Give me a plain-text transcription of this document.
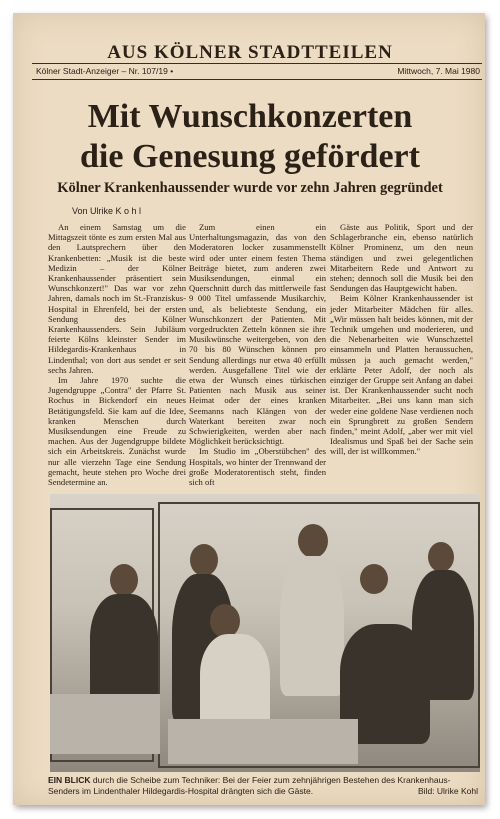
AUS KÖLNER STADTTEILEN
Kölner Stadt-Anzeiger – Nr. 107/19 •	Mittwoch, 7. Mai 1980
Mit Wunschkonzerten
die Genesung gefördert
Kölner Krankenhaussender wurde vor zehn Jahren gegründet
Von Ulrike K o h l

An einem Samstag um die Mittagszeit tönte es zum ersten Mal aus den Lautsprechern über den Krankenbetten: „Musik ist die beste Medizin – der Kölner Krankenhaussender präsentiert sein Wunschkonzert!" Das war vor zehn Jahren, damals noch im St.-Franziskus-Hospital in Ehrenfeld, bei der ersten Sendung des Kölner Krankenhaussenders. Sein Jubiläum feierte Kölns kleinster Sender im Hildegardis-Krankenhaus in Lindenthal; von dort aus sendet er seit sechs Jahren.

Im Jahre 1970 suchte die Jugendgruppe „Contra" der Pfarre St. Rochus in Bickendorf ein neues Betätigungsfeld. Sie kam auf die Idee, kranken Menschen durch Musiksendungen eine Freude zu machen. Aus der Jugendgruppe bildete sich ein Arbeitskreis. Zunächst wurde nur alle vierzehn Tage eine Sendung gemacht, heute stehen pro Woche drei Sendetermine an.

Zum einen ein Unterhaltungsmagazin, das von den Moderatoren locker zusammenstellt wird oder unter einem festen Thema Beiträge bietet, zum anderen zwei Musiksendungen, einmal ein Querschnitt durch das mittlerweile fast 9 000 Titel umfassende Musikarchiv, und, als beliebteste Sendung, ein Wunschkonzert der Patienten. Mit vorgedruckten Zetteln können sie ihre Musikwünsche weitergeben, von den 70 bis 80 Wünschen können pro Sendung allerdings nur etwa 40 erfüllt werden. Ausgefallene Titel wie der etwa der Wunsch eines türkischen Patienten nach Musik aus seiner Heimat oder der eines kranken Seemanns nach Klängen von der Waterkant bereiten zwar noch Schwierigkeiten, werden aber nach Möglichkeit berücksichtigt.

Im Studio im „Oberstübchen" des Hospitals, wo hinter der Trennwand der große Moderatorentisch steht, finden sich oft

Gäste aus Politik, Sport und der Schlagerbranche ein, ebenso natürlich Kölner Prominenz, um den neun ständigen und zwei gelegentlichen Mitarbeitern Rede und Antwort zu stehen; dennoch soll die Musik bei den Sendungen das Hauptgewicht haben.

Beim Kölner Krankenhaussender ist jeder Mitarbeiter Mädchen für alles. „Wir müssen halt beides können, mit der Technik umgehen und moderieren, und die Nebenarbeiten wie Wunschzettel einsammeln und Platten heraussuchen, müssen ja auch gemacht werden," erklärte Peter Adolf, der noch als einziger der Gruppe seit Anfang an dabei ist. Der Krankenhaussender sucht noch Mitarbeiter. „Bei uns kann man sich weder eine goldene Nase verdienen noch ein Sprungbrett zu großen Sendern finden," meint Adolf, „aber wer mit viel Idealismus und Spaß bei der Sache sein will, der ist willkommen."

EIN BLICK durch die Scheibe zum Techniker: Bei der Feier zum zehnjährigen Bestehen des Krankenhaus-Senders im Lindenthaler Hildegardis-Hospital drängten sich die Gäste.	Bild: Ulrike Kohl
